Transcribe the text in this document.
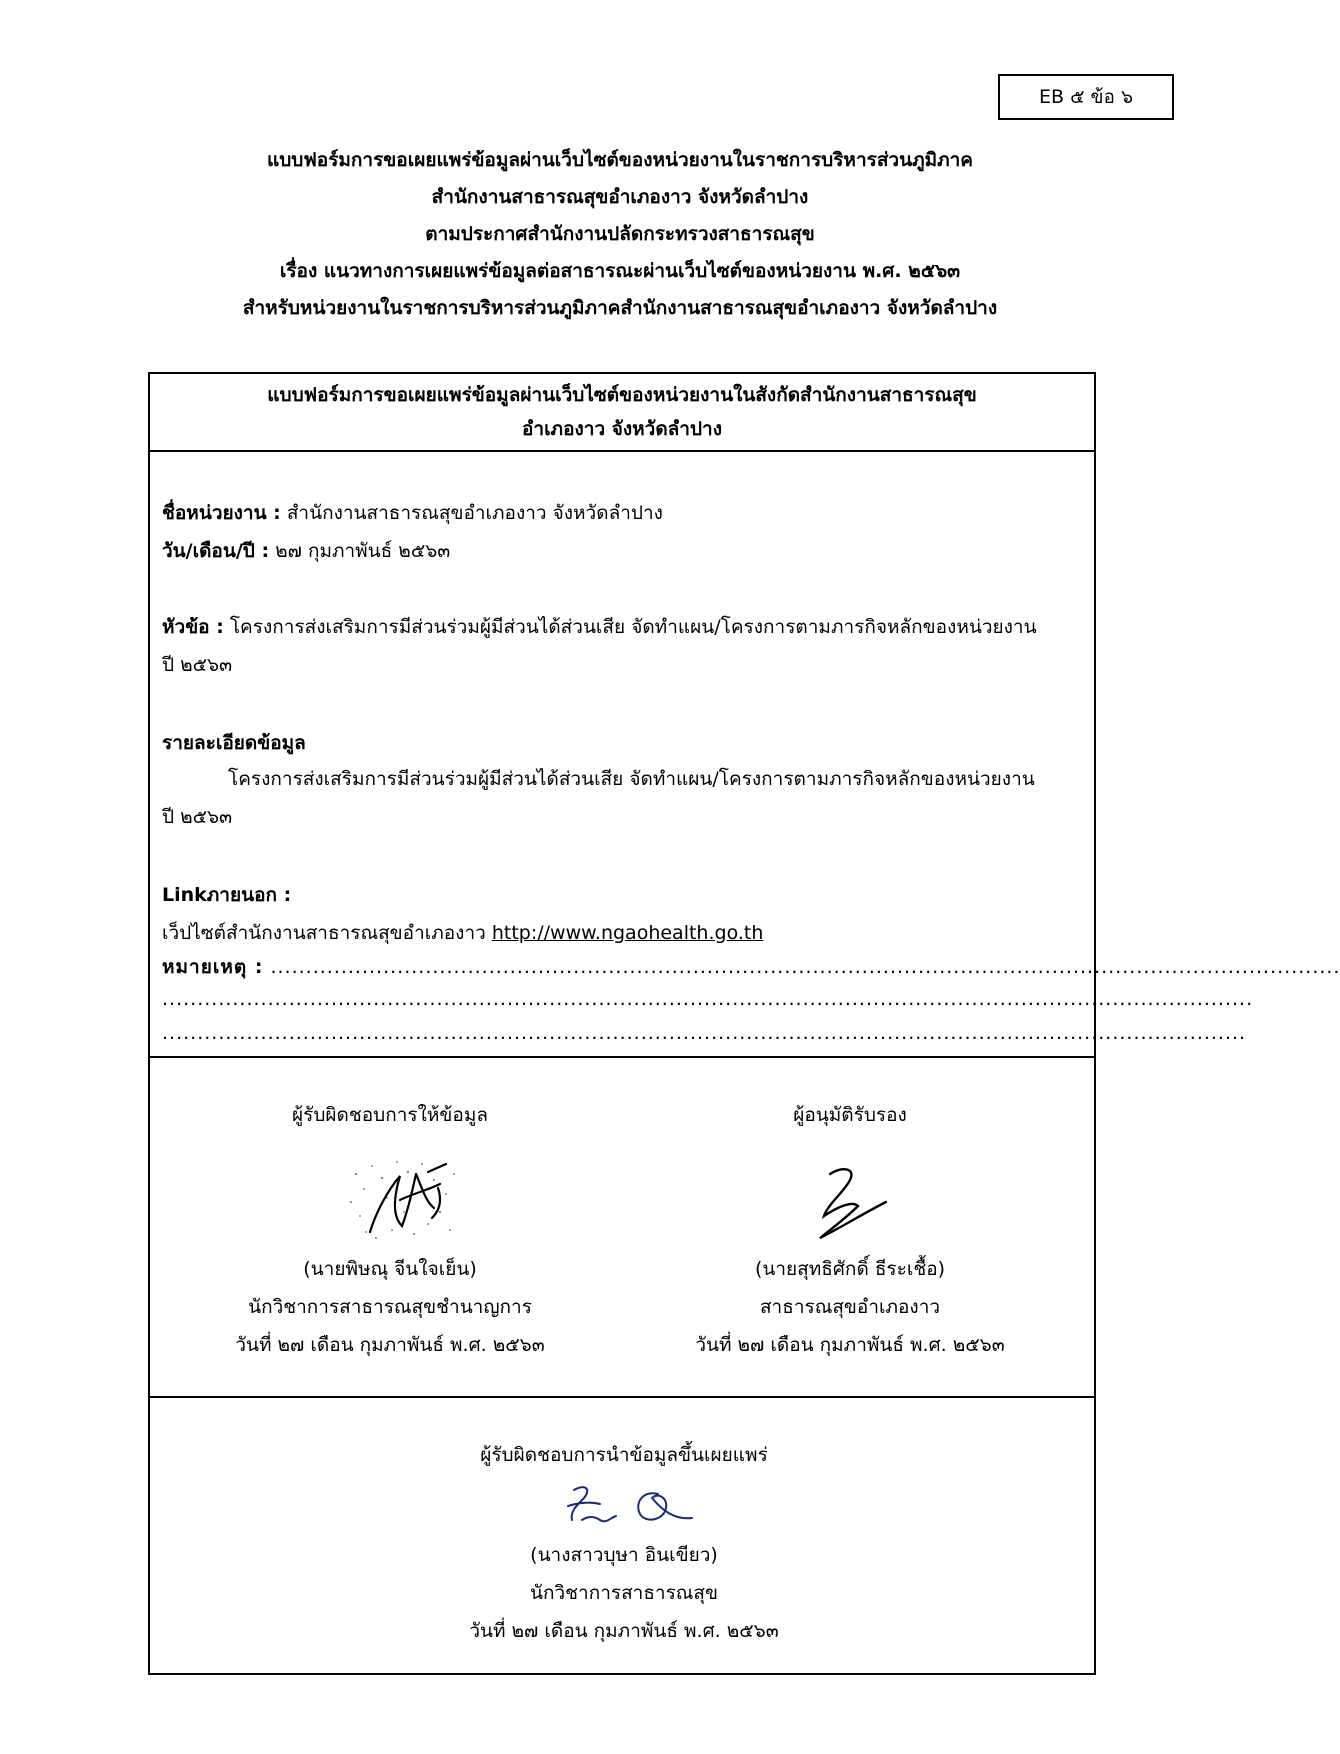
EB ๕ ข้อ ๖
แบบฟอร์มการขอเผยแพร่ข้อมูลผ่านเว็บไซต์ของหน่วยงานในราชการบริหารส่วนภูมิภาค
สำนักงานสาธารณสุขอำเภองาว จังหวัดลำปาง
ตามประกาศสำนักงานปลัดกระทรวงสาธารณสุข
เรื่อง แนวทางการเผยแพร่ข้อมูลต่อสาธารณะผ่านเว็บไซต์ของหน่วยงาน พ.ศ. ๒๕๖๓
สำหรับหน่วยงานในราชการบริหารส่วนภูมิภาคสำนักงานสาธารณสุขอำเภองาว จังหวัดลำปาง
แบบฟอร์มการขอเผยแพร่ข้อมูลผ่านเว็บไซต์ของหน่วยงานในสังกัดสำนักงานสาธารณสุข
อำเภองาว จังหวัดลำปาง
ชื่อหน่วยงาน : สำนักงานสาธารณสุขอำเภองาว จังหวัดลำปาง
วัน/เดือน/ปี : ๒๗ กุมภาพันธ์ ๒๕๖๓
หัวข้อ : โครงการส่งเสริมการมีส่วนร่วมผู้มีส่วนได้ส่วนเสีย จัดทำแผน/โครงการตามภารกิจหลักของหน่วยงาน
ปี ๒๕๖๓
รายละเอียดข้อมูล
โครงการส่งเสริมการมีส่วนร่วมผู้มีส่วนได้ส่วนเสีย จัดทำแผน/โครงการตามภารกิจหลักของหน่วยงาน
ปี ๒๕๖๓
Linkภายนอก :
เว็ปไซต์สำนักงานสาธารณสุขอำเภองาว http://www.ngaohealth.go.th
หมายเหตุ : ........................................................................................................................................................
...........................................................................................................................................................
..........................................................................................................................................................
ผู้รับผิดชอบการให้ข้อมูล
(นายพิษณุ จีนใจเย็น)
นักวิชาการสาธารณสุขชำนาญการ
วันที่ ๒๗ เดือน กุมภาพันธ์ พ.ศ. ๒๕๖๓
ผู้อนุมัติรับรอง
(นายสุทธิศักดิ์ ธีระเชื้อ)
สาธารณสุขอำเภองาว
วันที่ ๒๗ เดือน กุมภาพันธ์ พ.ศ. ๒๕๖๓
ผู้รับผิดชอบการนำข้อมูลขึ้นเผยแพร่
(นางสาวบุษา อินเขียว)
นักวิชาการสาธารณสุข
วันที่ ๒๗ เดือน กุมภาพันธ์ พ.ศ. ๒๕๖๓
